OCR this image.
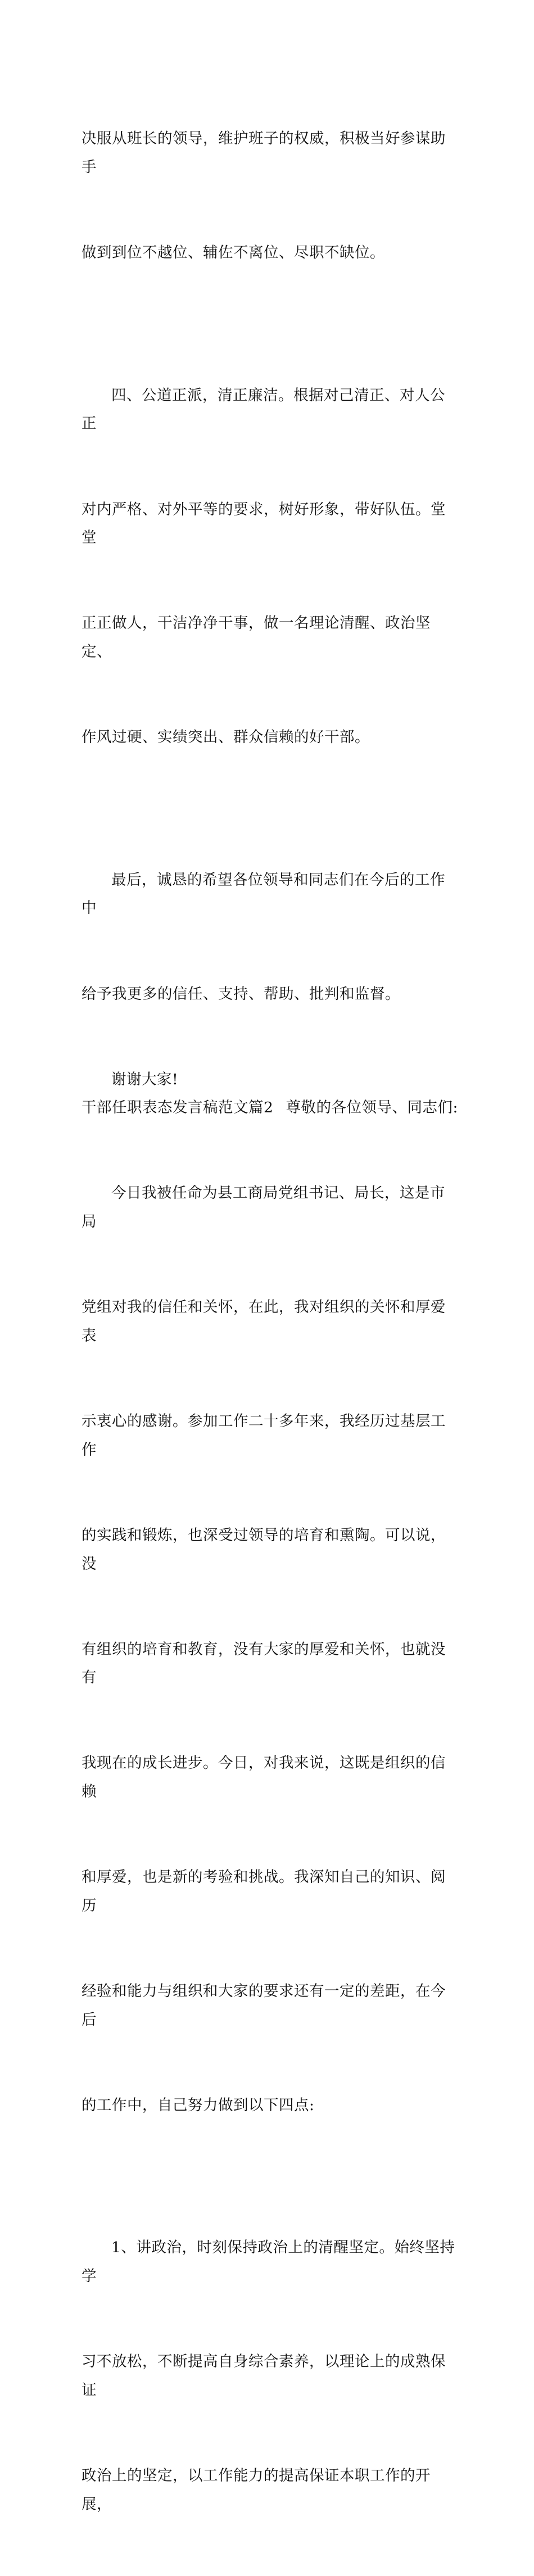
决服从班长的领导，维护班子的权威，积极当好参谋助手

做到到位不越位、辅佐不离位、尽职不缺位。

四、公道正派，清正廉洁。根据对己清正、对人公正

对内严格、对外平等的要求，树好形象，带好队伍。堂堂

正正做人，干洁净净干事，做一名理论清醒、政治坚定、

作风过硬、实绩突出、群众信赖的好干部。

最后，诚恳的希望各位领导和同志们在今后的工作中

给予我更多的信任、支持、帮助、批判和监督。

谢谢大家!
干部任职表态发言稿范文篇2 尊敬的各位领导、同志们:

今日我被任命为县工商局党组书记、局长，这是市局

党组对我的信任和关怀，在此，我对组织的关怀和厚爱表

示衷心的感谢。参加工作二十多年来，我经历过基层工作

的实践和锻炼，也深受过领导的培育和熏陶。可以说，没

有组织的培育和教育，没有大家的厚爱和关怀，也就没有

我现在的成长进步。今日，对我来说，这既是组织的信赖

和厚爱，也是新的考验和挑战。我深知自己的知识、阅历

经验和能力与组织和大家的要求还有一定的差距，在今后

的工作中，自己努力做到以下四点:

1、讲政治，时刻保持政治上的清醒坚定。始终坚持学

习不放松，不断提高自身综合素养，以理论上的成熟保证

政治上的坚定，以工作能力的提高保证本职工作的开展，
